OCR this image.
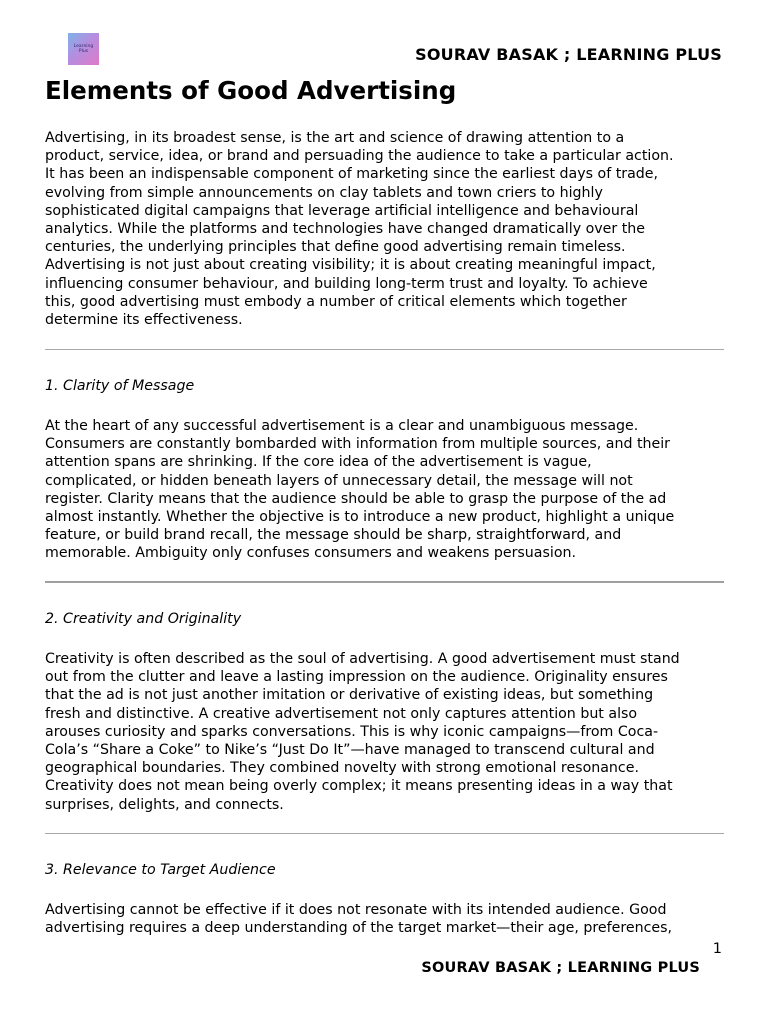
Learning
Plus	SOURAV BASAK ; LEARNING PLUS
Elements of Good Advertising

Advertising, in its broadest sense, is the art and science of drawing attention to a
product, service, idea, or brand and persuading the audience to take a particular action.
It has been an indispensable component of marketing since the earliest days of trade,
evolving from simple announcements on clay tablets and town criers to highly
sophisticated digital campaigns that leverage artificial intelligence and behavioural
analytics. While the platforms and technologies have changed dramatically over the
centuries, the underlying principles that define good advertising remain timeless.
Advertising is not just about creating visibility; it is about creating meaningful impact,
influencing consumer behaviour, and building long-term trust and loyalty. To achieve
this, good advertising must embody a number of critical elements which together
determine its effectiveness.

1. Clarity of Message

At the heart of any successful advertisement is a clear and unambiguous message.
Consumers are constantly bombarded with information from multiple sources, and their
attention spans are shrinking. If the core idea of the advertisement is vague,
complicated, or hidden beneath layers of unnecessary detail, the message will not
register. Clarity means that the audience should be able to grasp the purpose of the ad
almost instantly. Whether the objective is to introduce a new product, highlight a unique
feature, or build brand recall, the message should be sharp, straightforward, and
memorable. Ambiguity only confuses consumers and weakens persuasion.

2. Creativity and Originality

Creativity is often described as the soul of advertising. A good advertisement must stand
out from the clutter and leave a lasting impression on the audience. Originality ensures
that the ad is not just another imitation or derivative of existing ideas, but something
fresh and distinctive. A creative advertisement not only captures attention but also
arouses curiosity and sparks conversations. This is why iconic campaigns—from Coca-
Cola’s “Share a Coke” to Nike’s “Just Do It”—have managed to transcend cultural and
geographical boundaries. They combined novelty with strong emotional resonance.
Creativity does not mean being overly complex; it means presenting ideas in a way that
surprises, delights, and connects.

3. Relevance to Target Audience

Advertising cannot be effective if it does not resonate with its intended audience. Good
advertising requires a deep understanding of the target market—their age, preferences,

1
SOURAV BASAK ; LEARNING PLUS
